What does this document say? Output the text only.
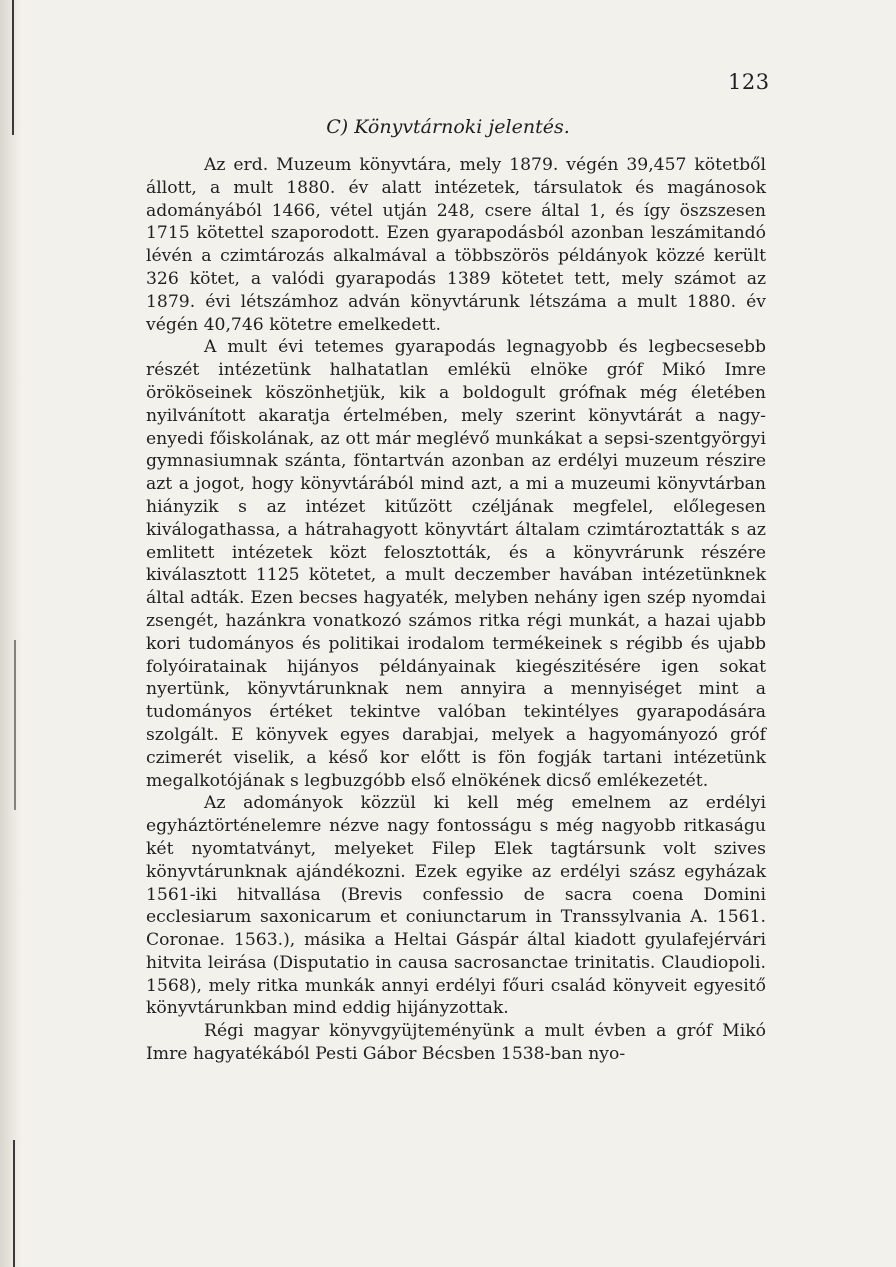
123
C) Könyvtárnoki jelentés.

Az erd. Muzeum könyvtára, mely 1879. végén 39,457 kötetből állott, a mult 1880. év alatt intézetek, társulatok és magánosok adományából 1466, vétel utján 248, csere által 1, és így öszszesen 1715 kötettel szaporodott. Ezen gyarapodásból azonban leszámitandó lévén a czimtározás alkalmával a többszörös példányok közzé került 326 kötet, a valódi gyarapodás 1389 kötetet tett, mely számot az 1879. évi létszámhoz adván könyvtárunk létszáma a mult 1880. év végén 40,746 kötetre emelkedett.

A mult évi tetemes gyarapodás legnagyobb és legbecsesebb részét intézetünk halhatatlan emlékü elnöke gróf Mikó Imre örököseinek köszönhetjük, kik a boldogult grófnak még életében nyilvánított akaratja értelmében, mely szerint könyvtárát a nagy-enyedi főiskolának, az ott már meglévő munkákat a sepsi-szentgyörgyi gymnasiumnak szánta, föntartván azonban az erdélyi muzeum részire azt a jogot, hogy könyvtárából mind azt, a mi a muzeumi könyvtárban hiányzik s az intézet kitűzött czéljának megfelel, előlegesen kiválogathassa, a hátrahagyott könyvtárt általam czimtároztatták s az emlitett intézetek közt felosztották, és a könyvrárunk részére kiválasztott 1125 kötetet, a mult deczember havában intézetünknek által adták. Ezen becses hagyaték, melyben nehány igen szép nyomdai zsengét, hazánkra vonatkozó számos ritka régi munkát, a hazai ujabb kori tudományos és politikai irodalom termékeinek s régibb és ujabb folyóiratainak hijányos példányainak kiegészitésére igen sokat nyertünk, könyvtárunknak nem annyira a mennyiséget mint a tudományos értéket tekintve valóban tekintélyes gyarapodására szolgált. E könyvek egyes darabjai, melyek a hagyományozó gróf czimerét viselik, a késő kor előtt is fön fogják tartani intézetünk megalkotójának s legbuzgóbb első elnökének dicső emlékezetét.

Az adományok közzül ki kell még emelnem az erdélyi egyháztörténelemre nézve nagy fontosságu s még nagyobb ritkaságu két nyomtatványt, melyeket Filep Elek tagtársunk volt szives könyvtárunknak ajándékozni. Ezek egyike az erdélyi szász egyházak 1561-iki hitvallása (Brevis confessio de sacra coena Domini ecclesiarum saxonicarum et coniunctarum in Transsylvania A. 1561. Coronae. 1563.), másika a Heltai Gáspár által kiadott gyulafejérvári hitvita leirása (Disputatio in causa sacrosanctae trinitatis. Claudiopoli. 1568), mely ritka munkák annyi erdélyi főuri család könyveit egyesitő könyvtárunkban mind eddig hijányzottak.

Régi magyar könyvgyüjteményünk a mult évben a gróf Mikó Imre hagyatékából Pesti Gábor Bécsben 1538-ban nyo-
